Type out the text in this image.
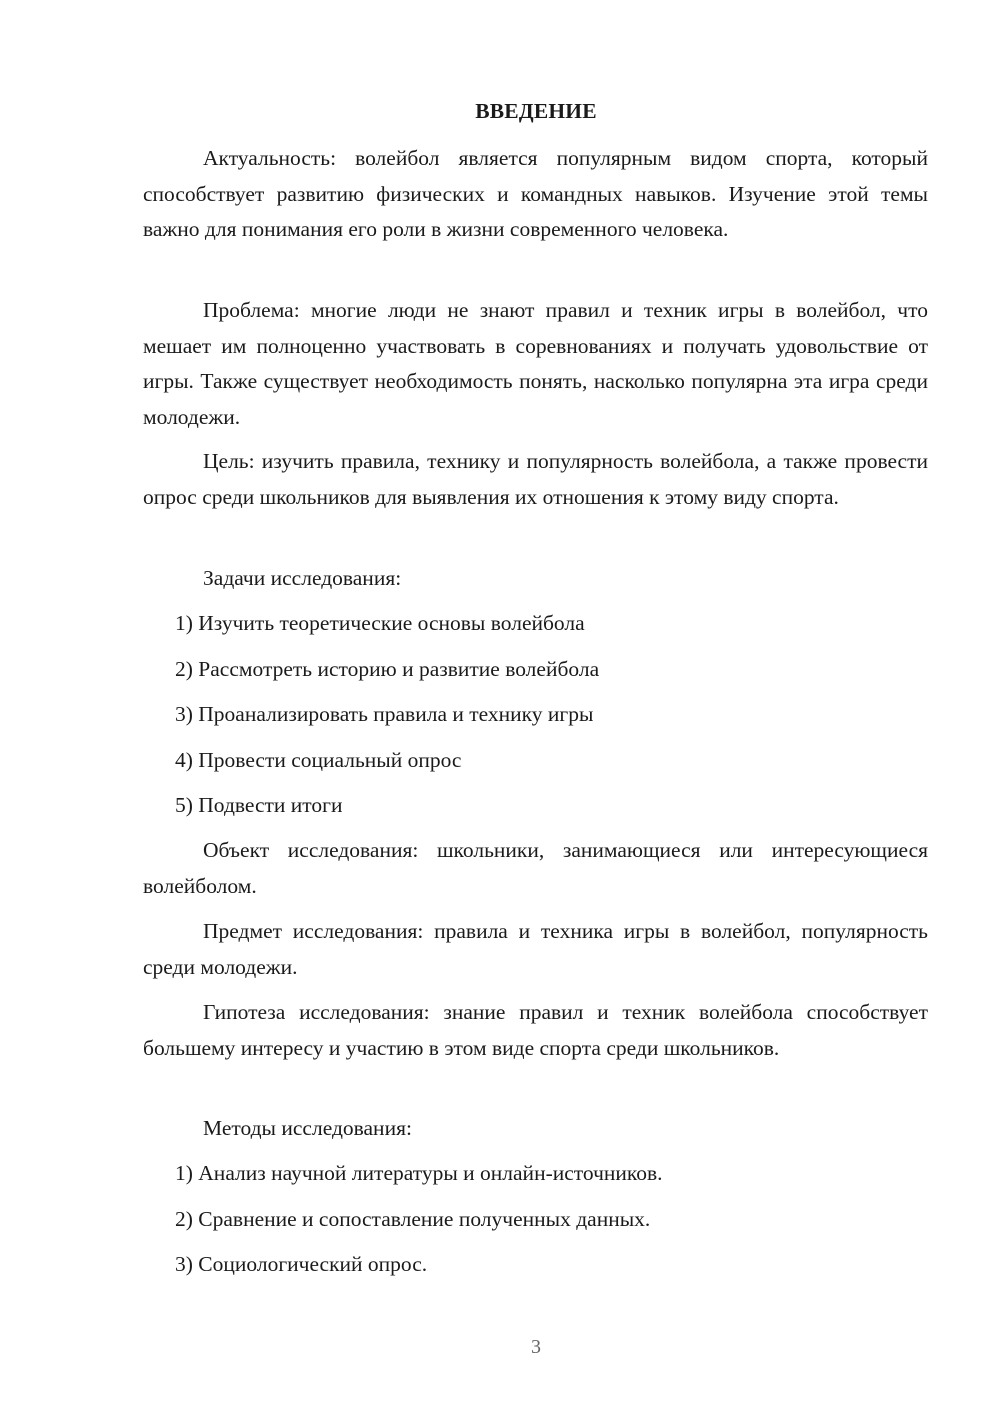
ВВЕДЕНИЕ

Актуальность: волейбол является популярным видом спорта, который способствует развитию физических и командных навыков. Изучение этой темы важно для понимания его роли в жизни современного человека.

Проблема: многие люди не знают правил и техник игры в волейбол, что мешает им полноценно участвовать в соревнованиях и получать удовольствие от игры. Также существует необходимость понять, насколько популярна эта игра среди молодежи.

Цель: изучить правила, технику и популярность волейбола, а также провести опрос среди школьников для выявления их отношения к этому виду спорта.

Задачи исследования:
1) Изучить теоретические основы волейбола
2) Рассмотреть историю и развитие волейбола
3) Проанализировать правила и технику игры
4) Провести социальный опрос
5) Подвести итоги

Объект исследования: школьники, занимающиеся или интересующиеся волейболом.

Предмет исследования: правила и техника игры в волейбол, популярность среди молодежи.

Гипотеза исследования: знание правил и техник волейбола способствует большему интересу и участию в этом виде спорта среди школьников.

Методы исследования:
1) Анализ научной литературы и онлайн-источников.
2) Сравнение и сопоставление полученных данных.
3) Социологический опрос.
3
